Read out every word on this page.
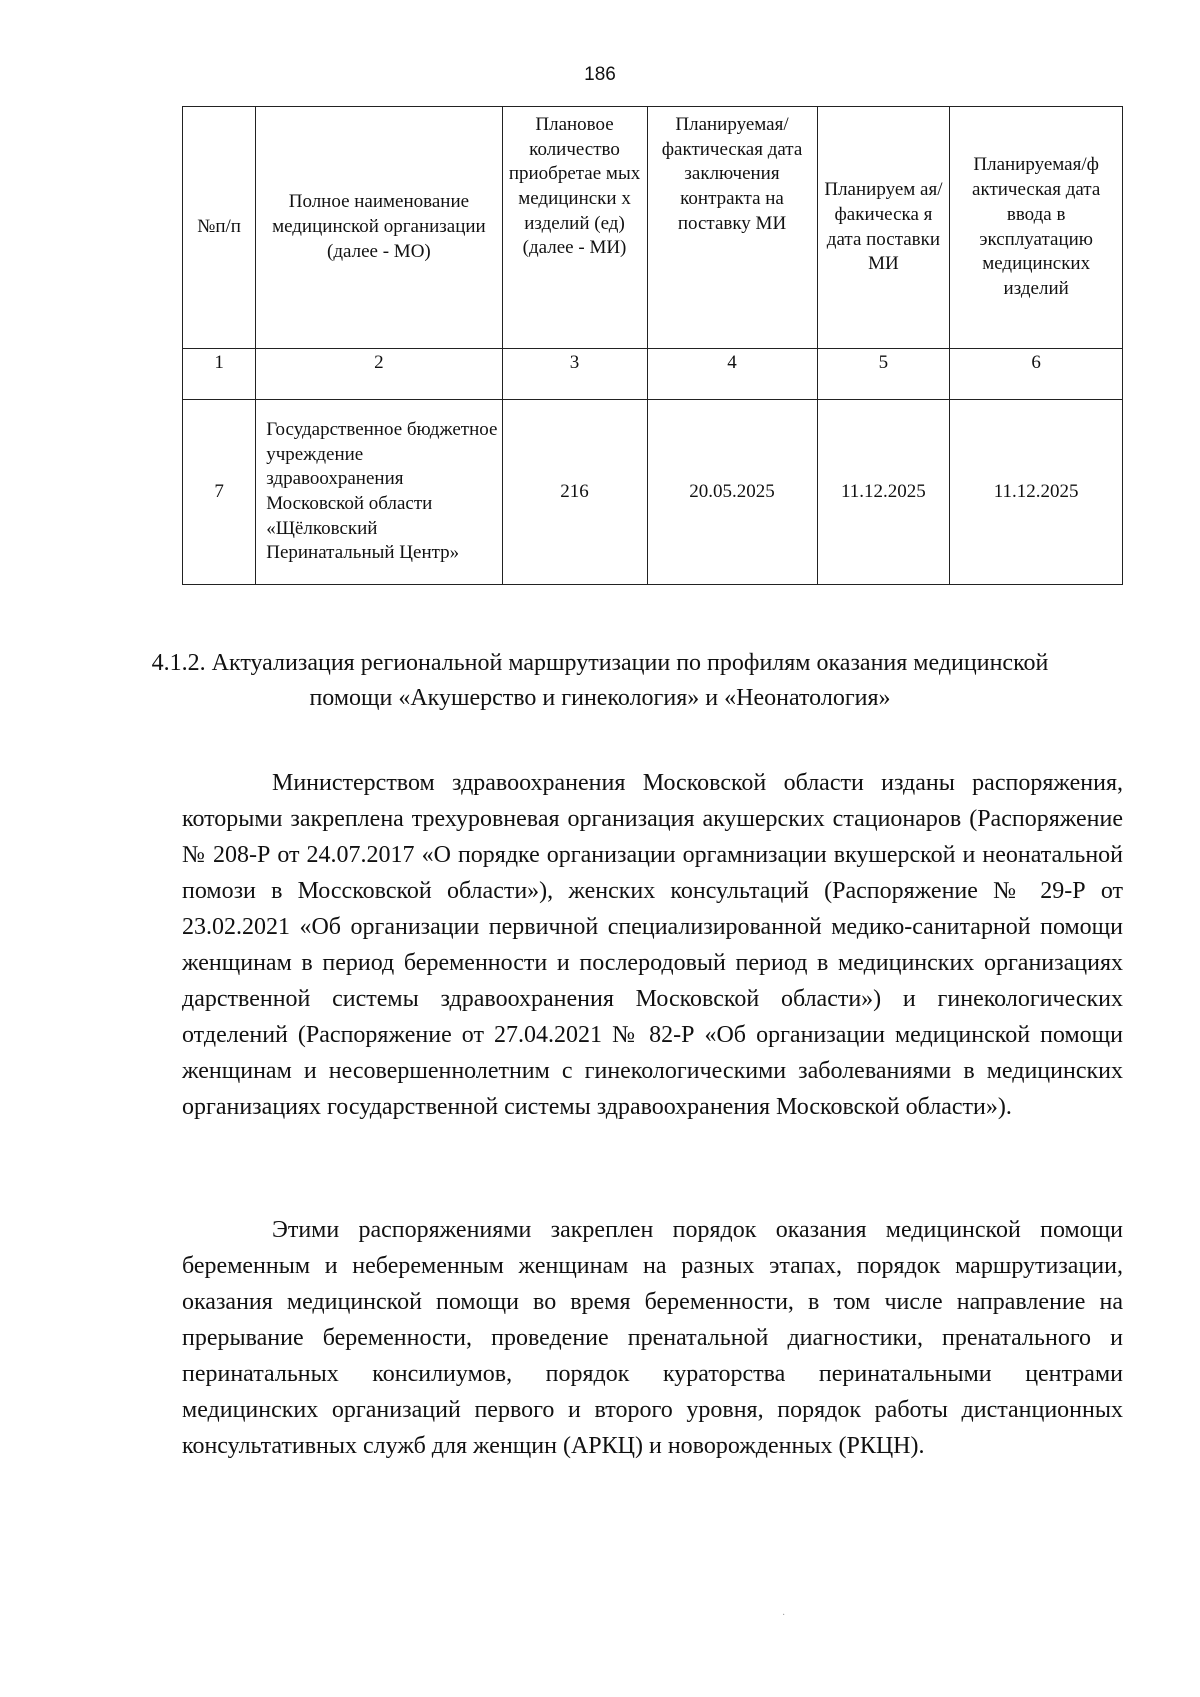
186
№п/п	Полное наименование медицинской организации (далее - МО)	Плановое количество приобретае мых медицински х изделий (ед) (далее - МИ)	Планируемая/ фактическая дата заключения контракта на поставку МИ	Планируем ая/ факическа я дата поставки МИ	Планируемая/ф актическая дата ввода в эксплуатацию медицинских изделий
1	2	3	4	5	6
7	Государственное бюджетное учреждение здравоохранения Московской области «Щёлковский Перинатальный Центр»	216	20.05.2025	11.12.2025	11.12.2025
4.1.2. Актуализация региональной маршрутизации по профилям оказания медицинской помощи «Акушерство и гинекология» и «Неонатология»

Министерством здравоохранения Московской области изданы распоряжения, которыми закреплена трехуровневая организация акушерских стационаров (Распоряжение № 208-Р от 24.07.2017 «О порядке организации оргамнизации вкушерской и неонатальной помози в Моссковской области»), женских консультаций (Распоряжение № 29-Р от 23.02.2021 «Об организации первичной специализированной медико-санитарной помощи женщинам в период беременности и послеродовый период в медицинских организациях дарственной системы здравоохранения Московской области») и гинекологических отделений (Распоряжение от 27.04.2021 № 82-Р «Об организации медицинской помощи женщинам и несовершеннолетним с гинекологическими заболеваниями в медицинских организациях государственной системы здравоохранения Московской области»).

Этими распоряжениями закреплен порядок оказания медицинской помощи беременным и небеременным женщинам на разных этапах, порядок маршрутизации, оказания медицинской помощи во время беременности, в том числе направление на прерывание беременности, проведение пренатальной диагностики, пренатального и перинатальных консилиумов, порядок кураторства перинатальными центрами медицинских организаций первого и второго уровня, порядок работы дистанционных консультативных служб для женщин (АРКЦ) и новорожденных (РКЦН).

·
